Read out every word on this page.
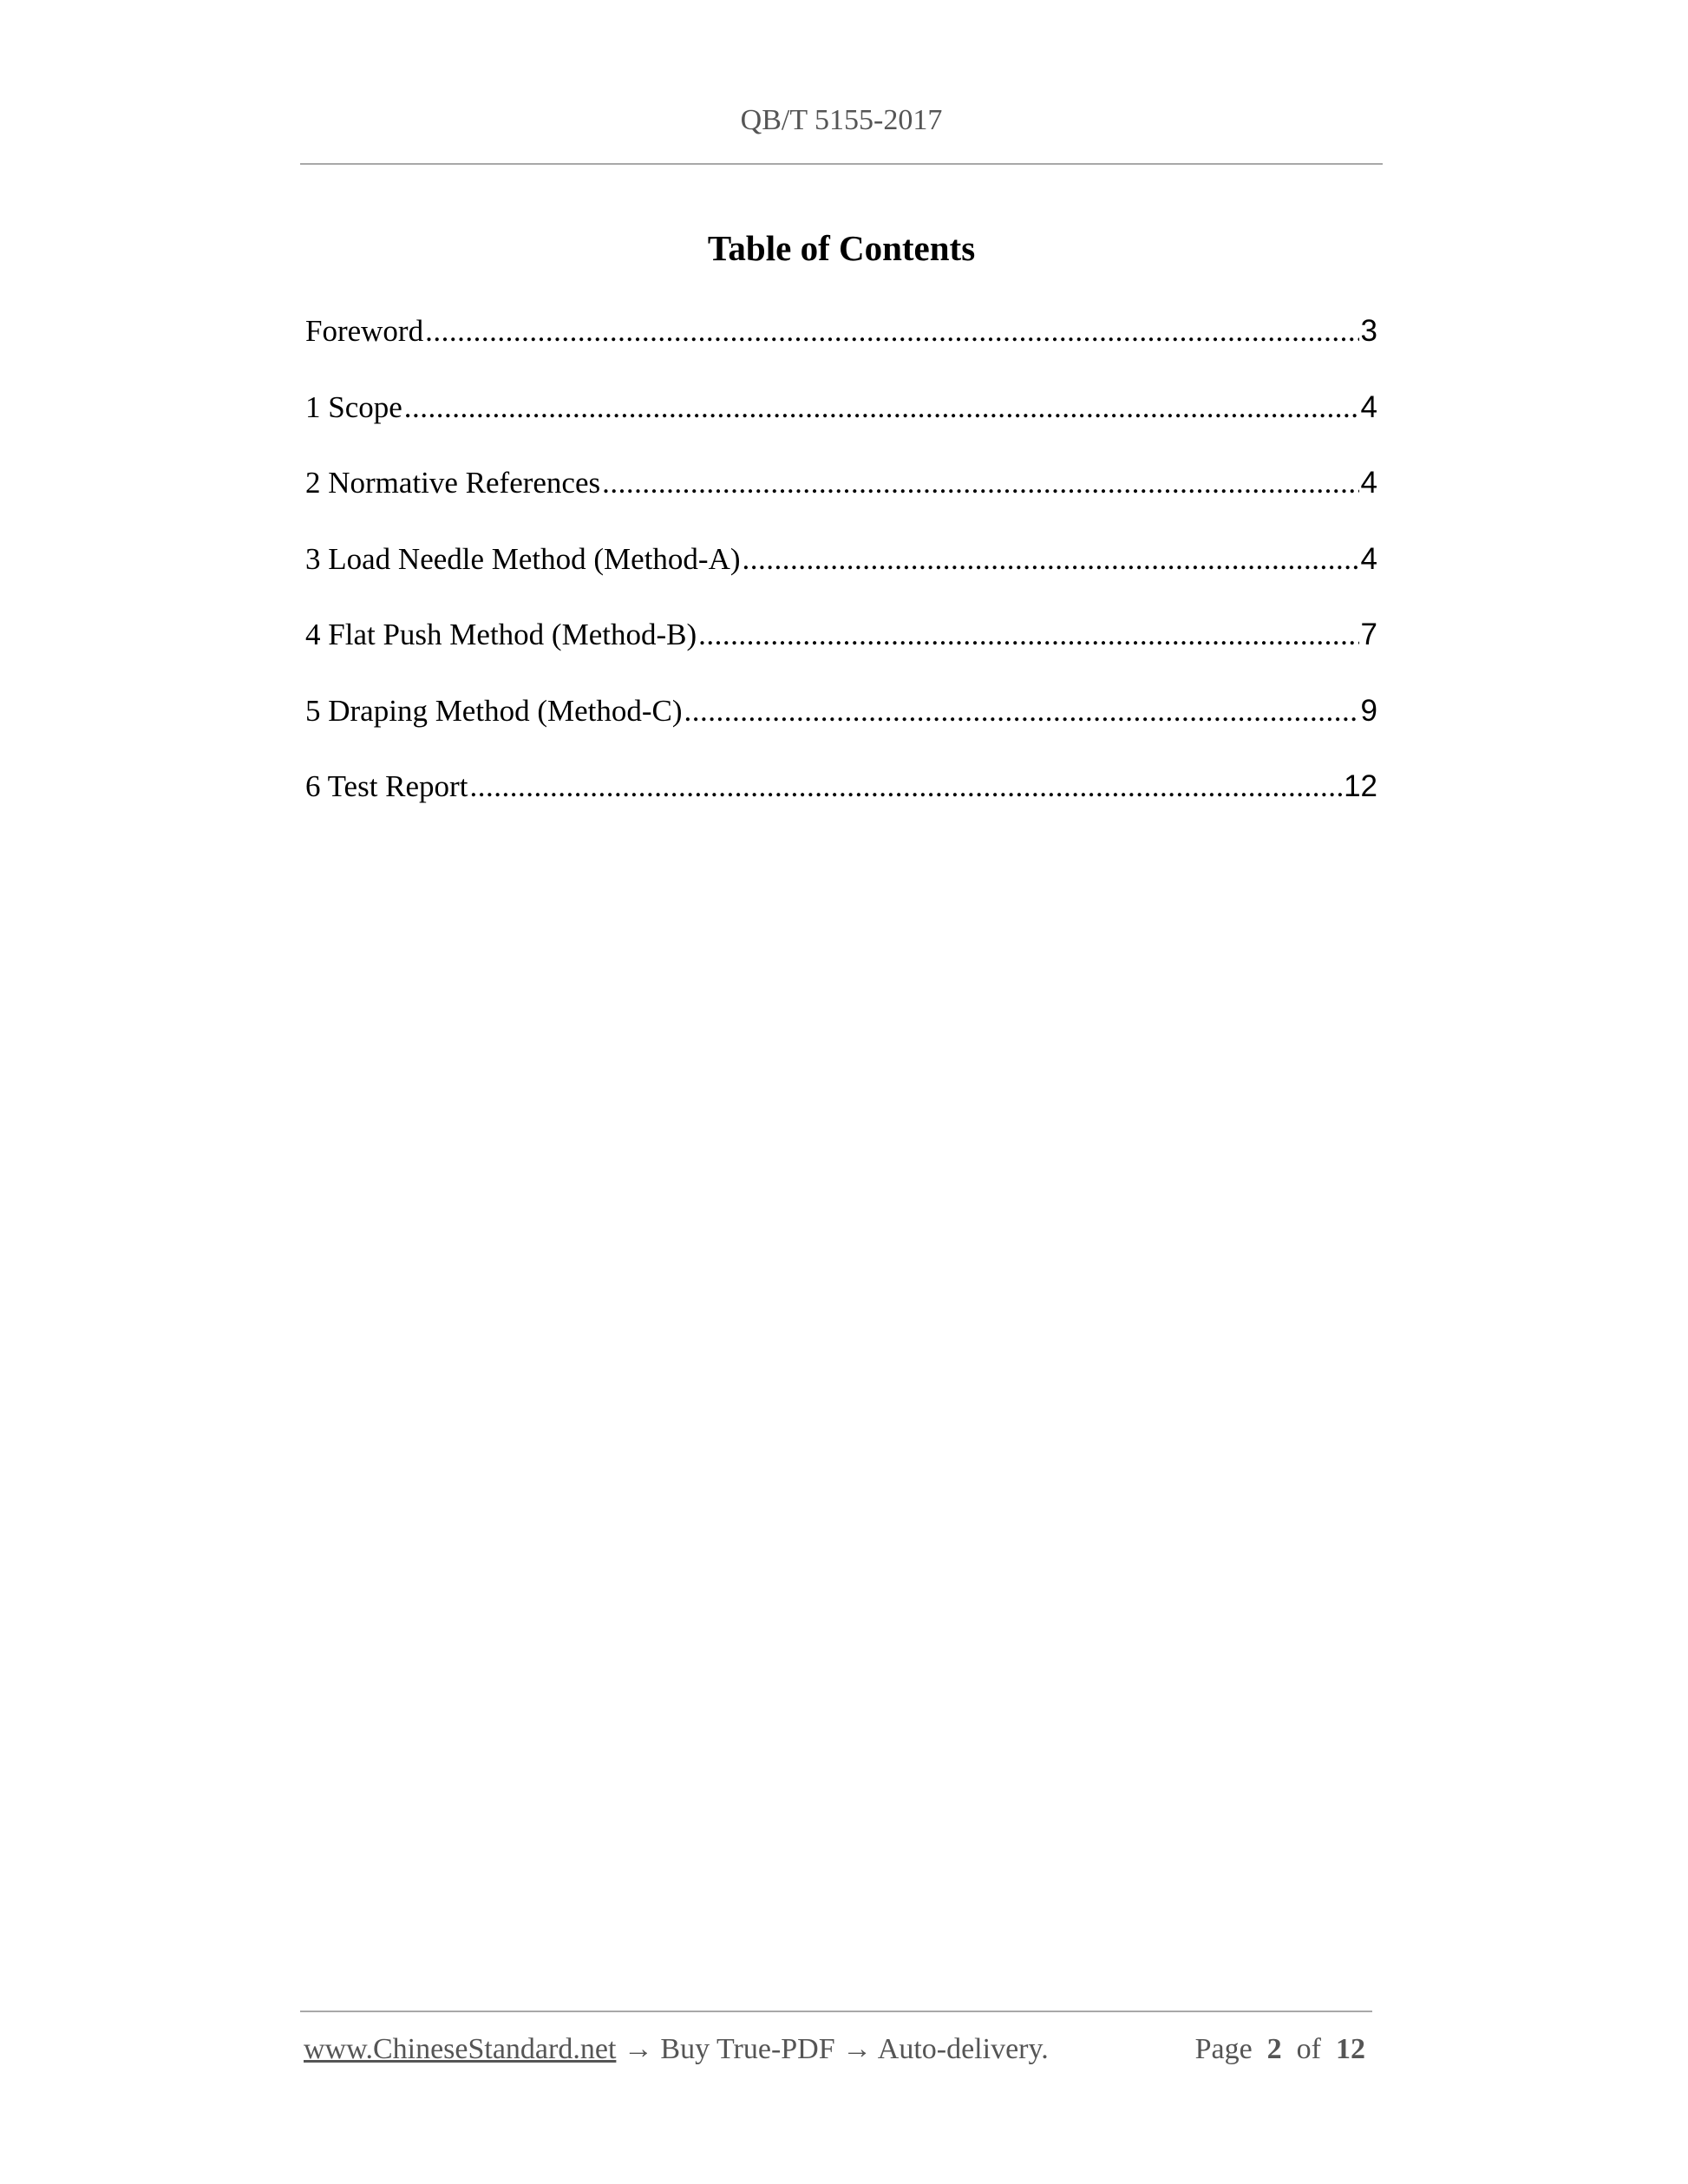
QB/T 5155-2017
Table of Contents
Foreword .....	3
1 Scope .....	4
2 Normative References .....	4
3 Load Needle Method (Method-A) .....	4
4 Flat Push Method (Method-B) .....	7
5 Draping Method (Method-C) .....	9
6 Test Report .....	12
www.ChineseStandard.net → Buy True-PDF → Auto-delivery.	Page 2 of 12
